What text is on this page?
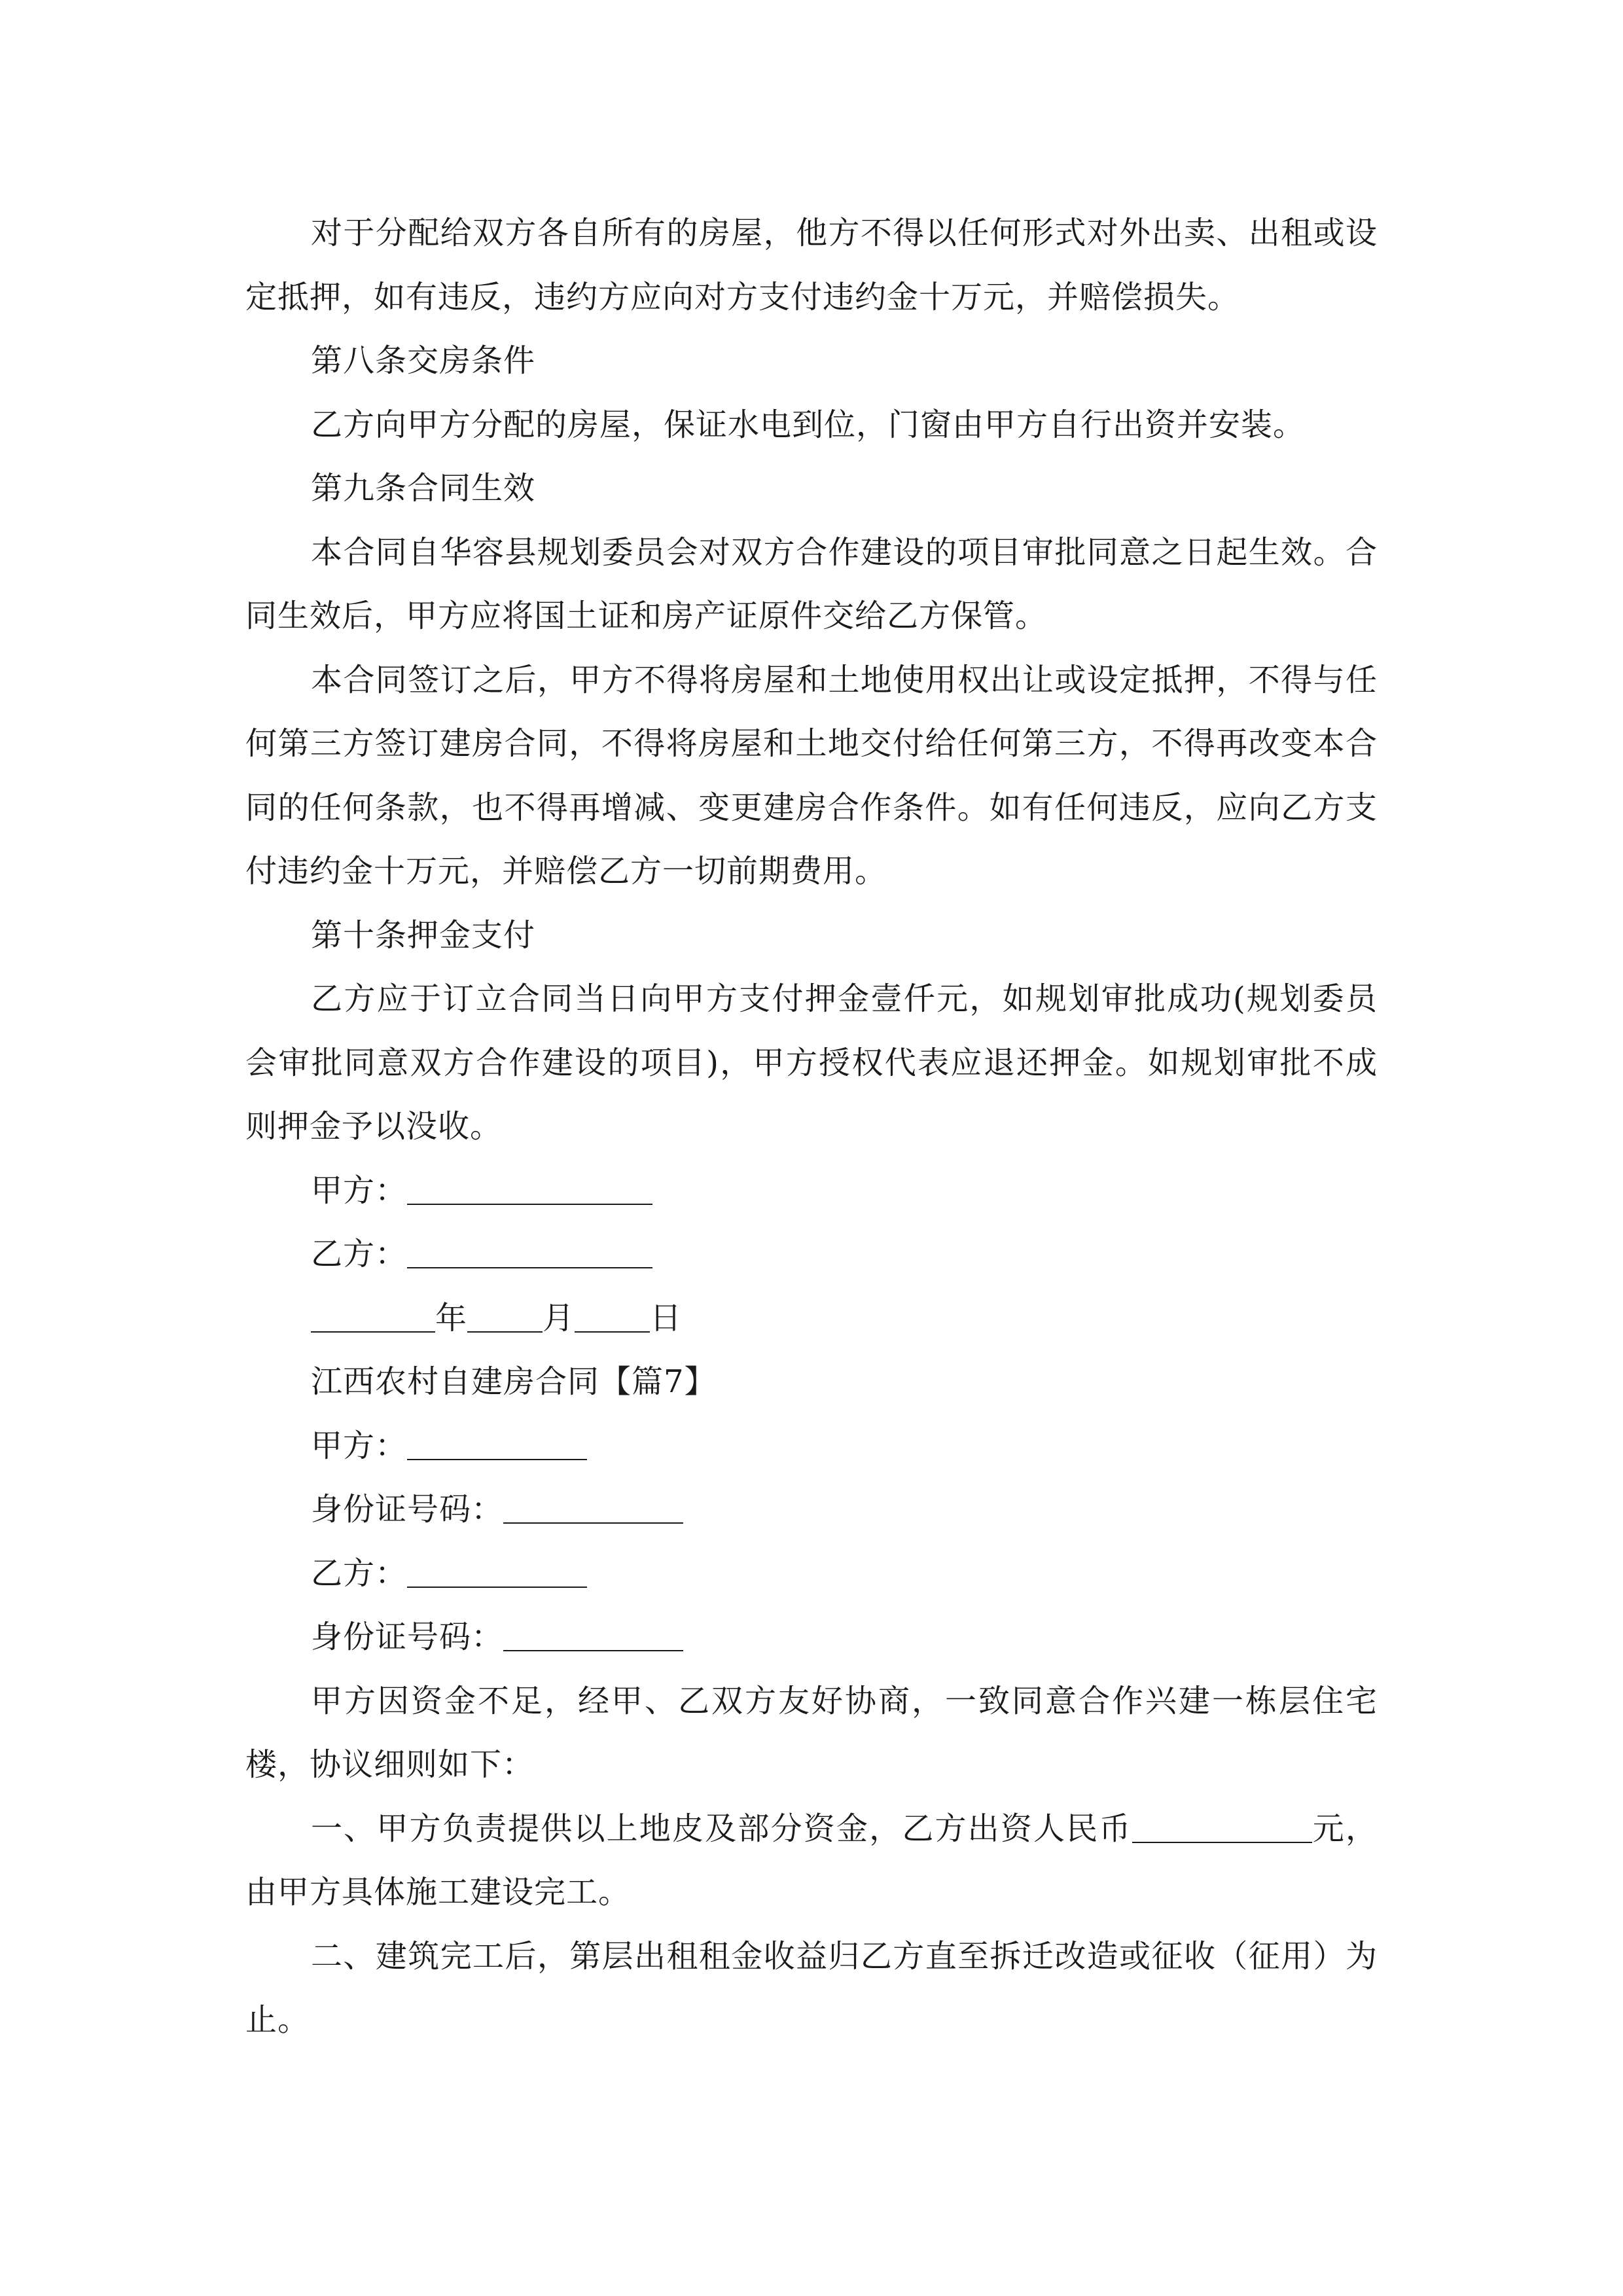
对于分配给双方各自所有的房屋，他方不得以任何形式对外出卖、出租或设定抵押，如有违反，违约方应向对方支付违约金十万元，并赔偿损失。

第八条交房条件

乙方向甲方分配的房屋，保证水电到位，门窗由甲方自行出资并安装。

第九条合同生效

本合同自华容县规划委员会对双方合作建设的项目审批同意之日起生效。合同生效后，甲方应将国土证和房产证原件交给乙方保管。

本合同签订之后，甲方不得将房屋和土地使用权出让或设定抵押，不得与任何第三方签订建房合同，不得将房屋和土地交付给任何第三方，不得再改变本合同的任何条款，也不得再增减、变更建房合作条件。如有任何违反，应向乙方支付违约金十万元，并赔偿乙方一切前期费用。

第十条押金支付

乙方应于订立合同当日向甲方支付押金壹仟元，如规划审批成功(规划委员会审批同意双方合作建设的项目)，甲方授权代表应退还押金。如规划审批不成则押金予以没收。

甲方：

乙方：

年 月 日

江西农村自建房合同【篇7】

甲方：

身份证号码：

乙方：

身份证号码：

甲方因资金不足，经甲、乙双方友好协商，一致同意合作兴建一栋层住宅楼，协议细则如下：

一、甲方负责提供以上地皮及部分资金，乙方出资人民币	元，由甲方具体施工建设完工。

二、建筑完工后，第层出租租金收益归乙方直至拆迁改造或征收（征用）为止。
